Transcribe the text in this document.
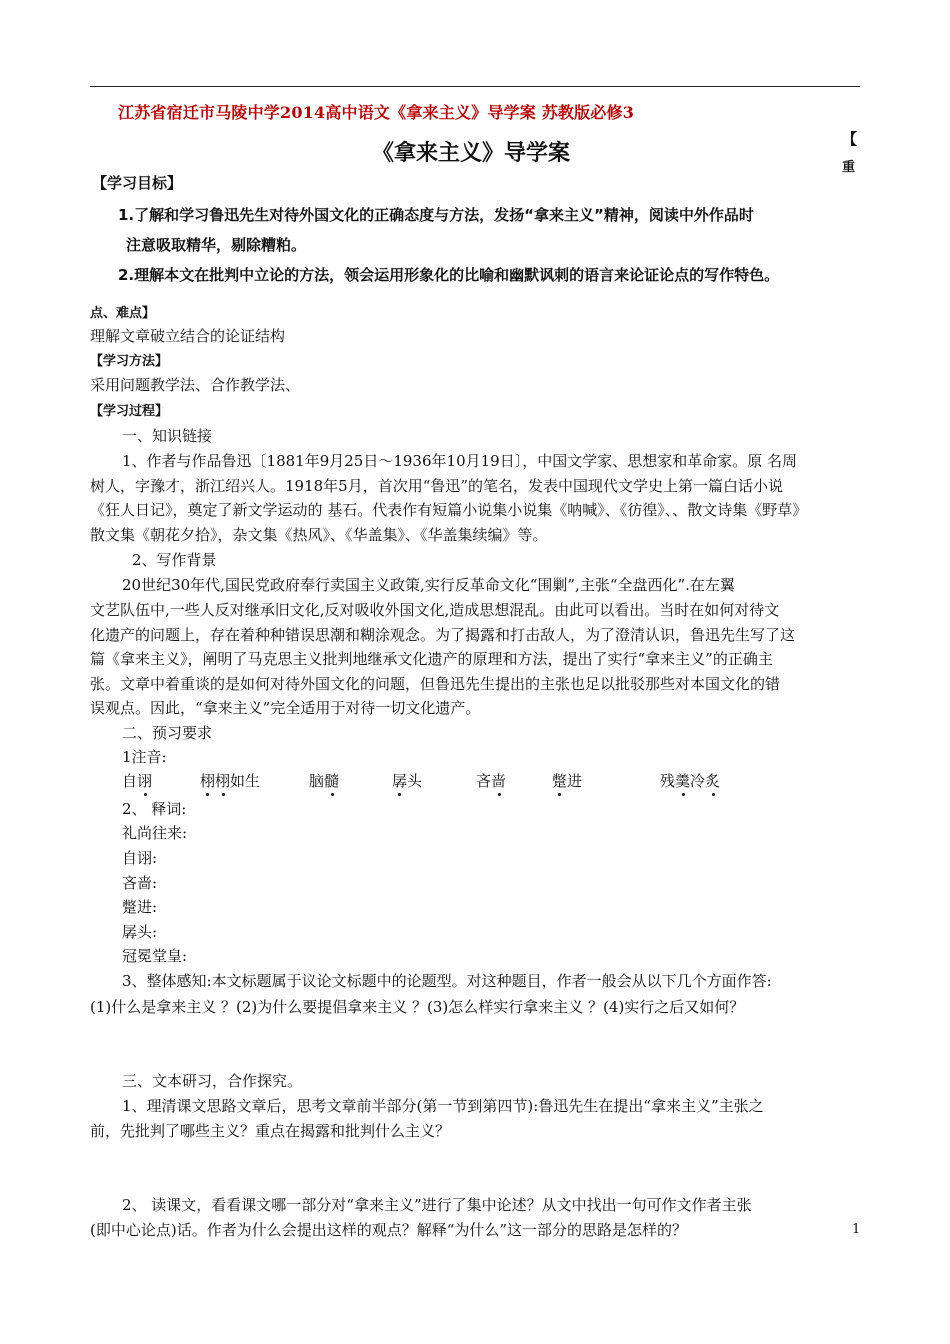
江苏省宿迁市马陵中学2014高中语文《拿来主义》导学案 苏教版必修3
《拿来主义》导学案
【
重
【学习目标】
1.了解和学习鲁迅先生对待外国文化的正确态度与方法，发扬“拿来主义”精神，阅读中外作品时
注意吸取精华，剔除糟粕。
2.理解本文在批判中立论的方法，领会运用形象化的比喻和幽默讽刺的语言来论证论点的写作特色。
点、难点】
理解文章破立结合的论证结构
【学习方法】
采用问题教学法、合作教学法、
【学习过程】
一、知识链接
1、作者与作品鲁迅〔1881年9月25日～1936年10月19日〕，中国文学家、思想家和革命家。原 名周
树人，字豫才，浙江绍兴人。1918年5月，首次用“鲁迅”的笔名，发表中国现代文学史上第一篇白话小说
《狂人日记》，奠定了新文学运动的 基石。代表作有短篇小说集小说集《呐喊》、《彷徨》、、散文诗集《野草》
散文集《朝花夕拾》，杂文集《热风》、《华盖集》、《华盖集续编》等。
2、写作背景
20世纪30年代,国民党政府奉行卖国主义政策,实行反革命文化“围剿”,主张“全盘西化”.在左翼
文艺队伍中,一些人反对继承旧文化,反对吸收外国文化,造成思想混乱。由此可以看出。当时在如何对待文
化遗产的问题上，存在着种种错误思潮和糊涂观念。为了揭露和打击敌人，为了澄清认识，鲁迅先生写了这
篇《拿来主义》，阐明了马克思主义批判地继承文化遗产的原理和方法，提出了实行“拿来主义”的正确主
张。文章中着重谈的是如何对待外国文化的问题，但鲁迅先生提出的主张也足以批驳那些对本国文化的错
误观点。因此，“拿来主义”完全适用于对待一切文化遗产。
二、预习要求
1注音:
自诩	栩栩如生	脑髓	孱头	吝啬	蹩进	残羹冷炙
2、 释词:
礼尚往来:
自诩:
吝啬:
蹩进:
孱头:
冠冕堂皇:
3、整体感知:本文标题属于议论文标题中的论题型。对这种题目，作者一般会从以下几个方面作答:
(1)什么是拿来主义 ？(2)为什么要提倡拿来主义 ？(3)怎么样实行拿来主义 ？(4)实行之后又如何？
三、文本研习，合作探究。
1、理清课文思路文章后，思考文章前半部分(第一节到第四节):鲁迅先生在提出“拿来主义”主张之
前，先批判了哪些主义？重点在揭露和批判什么主义？
2、 读课文，看看课文哪一部分对“拿来主义”进行了集中论述？从文中找出一句可作文作者主张
(即中心论点)话。作者为什么会提出这样的观点？解释“为什么”这一部分的思路是怎样的？	1
